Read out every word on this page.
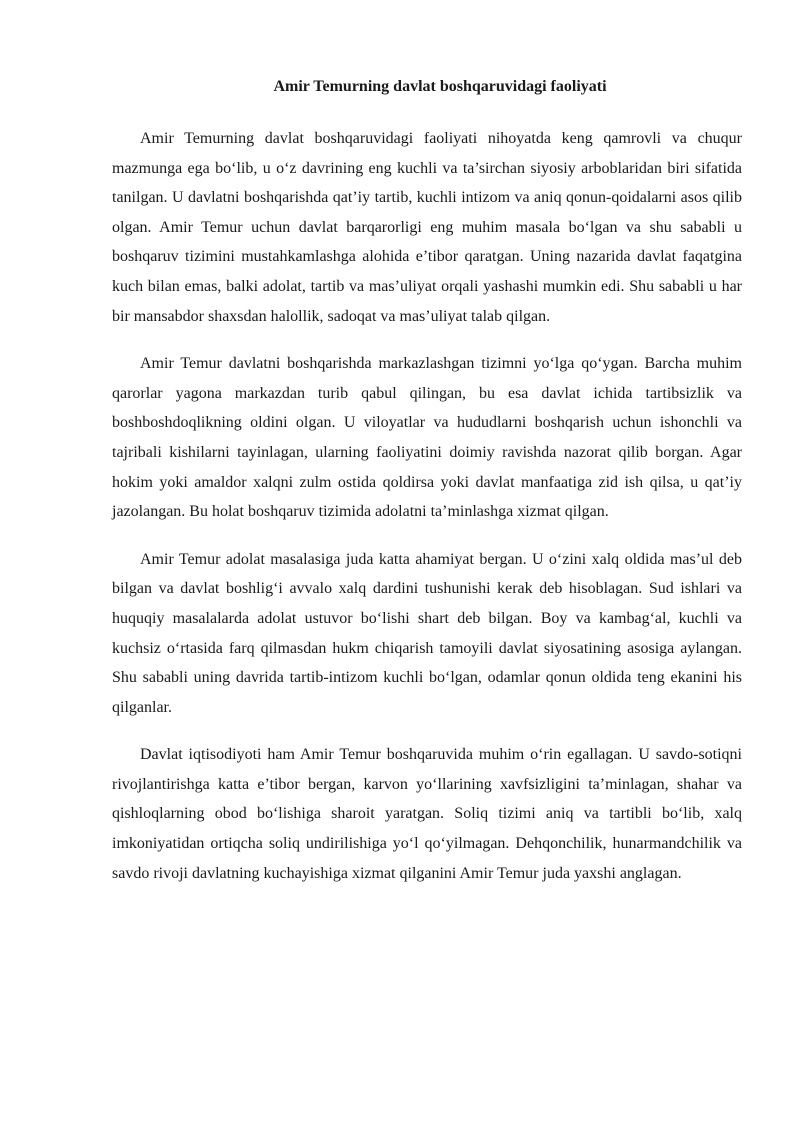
Amir Temurning davlat boshqaruvidagi faoliyati

Amir Temurning davlat boshqaruvidagi faoliyati nihoyatda keng qamrovli va chuqur mazmunga ega bo‘lib, u o‘z davrining eng kuchli va ta’sirchan siyosiy arboblaridan biri sifatida tanilgan. U davlatni boshqarishda qat’iy tartib, kuchli intizom va aniq qonun-qoidalarni asos qilib olgan. Amir Temur uchun davlat barqarorligi eng muhim masala bo‘lgan va shu sababli u boshqaruv tizimini mustahkamlashga alohida e’tibor qaratgan. Uning nazarida davlat faqatgina kuch bilan emas, balki adolat, tartib va mas’uliyat orqali yashashi mumkin edi. Shu sababli u har bir mansabdor shaxsdan halollik, sadoqat va mas’uliyat talab qilgan.

Amir Temur davlatni boshqarishda markazlashgan tizimni yo‘lga qo‘ygan. Barcha muhim qarorlar yagona markazdan turib qabul qilingan, bu esa davlat ichida tartibsizlik va boshboshdoqlikning oldini olgan. U viloyatlar va hududlarni boshqarish uchun ishonchli va tajribali kishilarni tayinlagan, ularning faoliyatini doimiy ravishda nazorat qilib borgan. Agar hokim yoki amaldor xalqni zulm ostida qoldirsa yoki davlat manfaatiga zid ish qilsa, u qat’iy jazolangan. Bu holat boshqaruv tizimida adolatni ta’minlashga xizmat qilgan.

Amir Temur adolat masalasiga juda katta ahamiyat bergan. U o‘zini xalq oldida mas’ul deb bilgan va davlat boshlig‘i avvalo xalq dardini tushunishi kerak deb hisoblagan. Sud ishlari va huquqiy masalalarda adolat ustuvor bo‘lishi shart deb bilgan. Boy va kambag‘al, kuchli va kuchsiz o‘rtasida farq qilmasdan hukm chiqarish tamoyili davlat siyosatining asosiga aylangan. Shu sababli uning davrida tartib-intizom kuchli bo‘lgan, odamlar qonun oldida teng ekanini his qilganlar.

Davlat iqtisodiyoti ham Amir Temur boshqaruvida muhim o‘rin egallagan. U savdo-sotiqni rivojlantirishga katta e’tibor bergan, karvon yo‘llarining xavfsizligini ta’minlagan, shahar va qishloqlarning obod bo‘lishiga sharoit yaratgan. Soliq tizimi aniq va tartibli bo‘lib, xalq imkoniyatidan ortiqcha soliq undirilishiga yo‘l qo‘yilmagan. Dehqonchilik, hunarmandchilik va savdo rivoji davlatning kuchayishiga xizmat qilganini Amir Temur juda yaxshi anglagan.
